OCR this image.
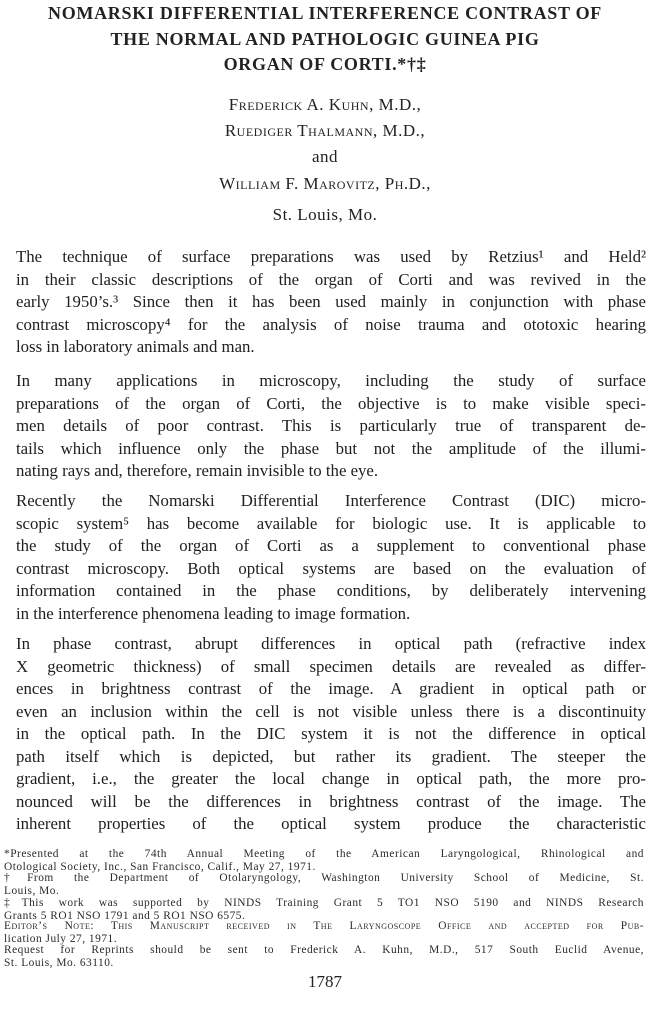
NOMARSKI DIFFERENTIAL INTERFERENCE CONTRAST OF
THE NORMAL AND PATHOLOGIC GUINEA PIG
ORGAN OF CORTI.*†‡
Frederick A. Kuhn, M.D.,
Ruediger Thalmann, M.D.,
and
William F. Marovitz, Ph.D.,
St. Louis, Mo.
The technique of surface preparations was used by Retzius¹ and Held²
in their classic descriptions of the organ of Corti and was revived in the
early 1950’s.³ Since then it has been used mainly in conjunction with phase
contrast microscopy⁴ for the analysis of noise trauma and ototoxic hearing
loss in laboratory animals and man.
In many applications in microscopy, including the study of surface
preparations of the organ of Corti, the objective is to make visible speci-
men details of poor contrast. This is particularly true of transparent de-
tails which influence only the phase but not the amplitude of the illumi-
nating rays and, therefore, remain invisible to the eye.
Recently the Nomarski Differential Interference Contrast (DIC) micro-
scopic system⁵ has become available for biologic use. It is applicable to
the study of the organ of Corti as a supplement to conventional phase
contrast microscopy. Both optical systems are based on the evaluation of
information contained in the phase conditions, by deliberately intervening
in the interference phenomena leading to image formation.
In phase contrast, abrupt differences in optical path (refractive index
X geometric thickness) of small specimen details are revealed as differ-
ences in brightness contrast of the image. A gradient in optical path or
even an inclusion within the cell is not visible unless there is a discontinuity
in the optical path. In the DIC system it is not the difference in optical
path itself which is depicted, but rather its gradient. The steeper the
gradient, i.e., the greater the local change in optical path, the more pro-
nounced will be the differences in brightness contrast of the image. The
inherent properties of the optical system produce the characteristic
*Presented at the 74th Annual Meeting of the American Laryngological, Rhinological and
Otological Society, Inc., San Francisco, Calif., May 27, 1971.
†From the Department of Otolaryngology, Washington University School of Medicine, St.
Louis, Mo.
‡This work was supported by NINDS Training Grant 5 TO1 NSO 5190 and NINDS Research
Grants 5 RO1 NSO 1791 and 5 RO1 NSO 6575.
Editor’s Note: This Manuscript received in The Laryngoscope Office and accepted for Pub-
lication July 27, 1971.
Request for Reprints should be sent to Frederick A. Kuhn, M.D., 517 South Euclid Avenue,
St. Louis, Mo. 63110.
1787
